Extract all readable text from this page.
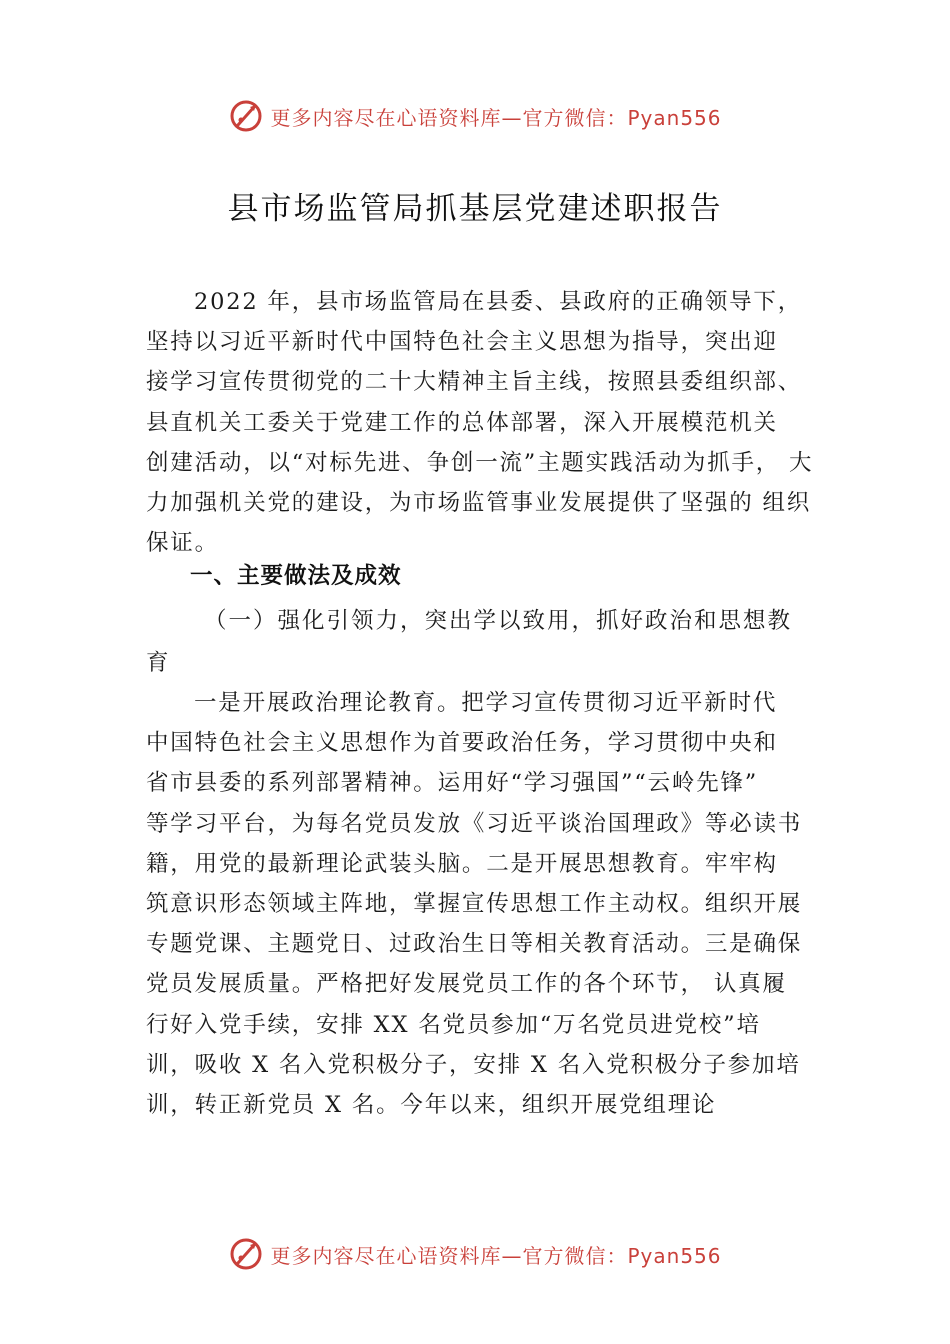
更多内容尽在心语资料库—官方微信：Pyan556
县市场监管局抓基层党建述职报告
2022 年，县市场监管局在县委、县政府的正确领导下，
坚持以习近平新时代中国特色社会主义思想为指导，突出迎
接学习宣传贯彻党的二十大精神主旨主线，按照县委组织部、
县直机关工委关于党建工作的总体部署，深入开展模范机关
创建活动，以“对标先进、争创一流”主题实践活动为抓手， 大
力加强机关党的建设，为市场监管事业发展提供了坚强的 组织
保证。
一、主要做法及成效
（一）强化引领力，突出学以致用，抓好政治和思想教
育
一是开展政治理论教育。把学习宣传贯彻习近平新时代
中国特色社会主义思想作为首要政治任务，学习贯彻中央和
省市县委的系列部署精神。运用好“学习强国”“云岭先锋”
等学习平台，为每名党员发放《习近平谈治国理政》等必读书
籍，用党的最新理论武装头脑。二是开展思想教育。牢牢构
筑意识形态领域主阵地，掌握宣传思想工作主动权。组织开展
专题党课、主题党日、过政治生日等相关教育活动。三是确保
党员发展质量。严格把好发展党员工作的各个环节， 认真履
行好入党手续，安排 XX 名党员参加“万名党员进党校”培
训，吸收 X 名入党积极分子，安排 X 名入党积极分子参加培
训，转正新党员 X 名。今年以来，组织开展党组理论
更多内容尽在心语资料库—官方微信：Pyan556
